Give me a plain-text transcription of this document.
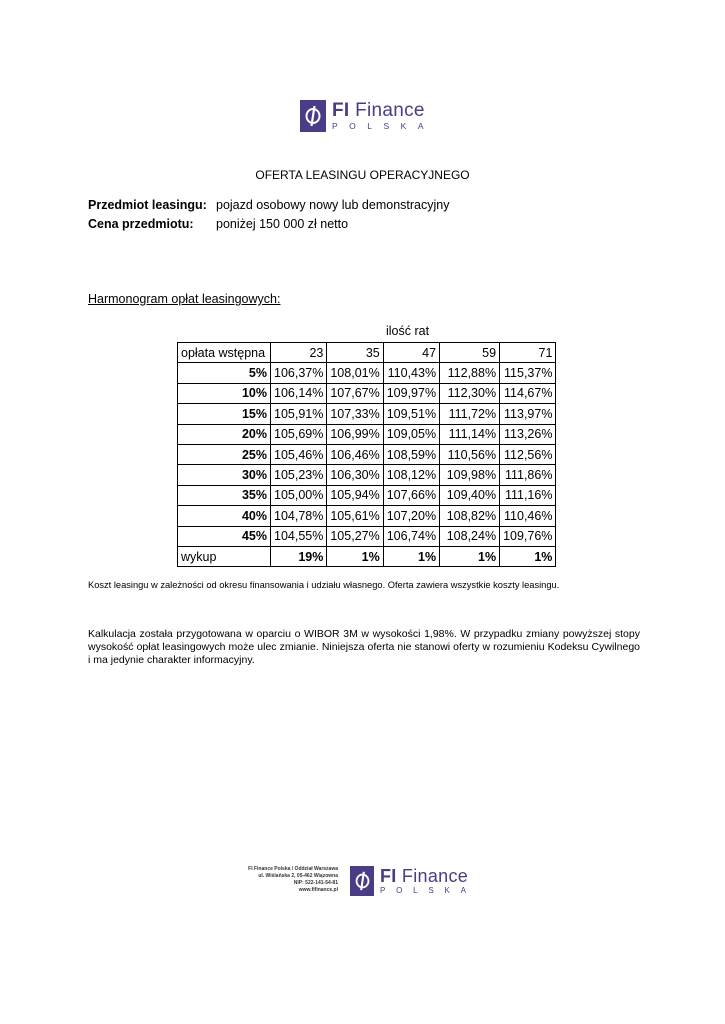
FI Finance
POLSKA
OFERTA LEASINGU OPERACYJNEGO
Przedmiot leasingu: pojazd osobowy nowy lub demonstracyjny
Cena przedmiotu: poniżej 150 000 zł netto
Harmonogram opłat leasingowych:
ilość rat
opłata wstępna	23	35	47	59	71
5%	106,37%	108,01%	110,43%	112,88%	115,37%
10%	106,14%	107,67%	109,97%	112,30%	114,67%
15%	105,91%	107,33%	109,51%	111,72%	113,97%
20%	105,69%	106,99%	109,05%	111,14%	113,26%
25%	105,46%	106,46%	108,59%	110,56%	112,56%
30%	105,23%	106,30%	108,12%	109,98%	111,86%
35%	105,00%	105,94%	107,66%	109,40%	111,16%
40%	104,78%	105,61%	107,20%	108,82%	110,46%
45%	104,55%	105,27%	106,74%	108,24%	109,76%
wykup	19%	1%	1%	1%	1%
Koszt leasingu w zależności od okresu finansowania i udziału własnego. Oferta zawiera wszystkie koszty leasingu.
Kalkulacja została przygotowana w oparciu o WIBOR 3M w wysokości 1,98%. W przypadku zmiany powyższej stopy wysokość opłat leasingowych może ulec zmianie. Niniejsza oferta nie stanowi oferty w rozumieniu Kodeksu Cywilnego i ma jedynie charakter informacyjny.
FI Finance Polska / Oddział Warszawa
ul. Wiślańska 2, 05-462 Wiązowna
NIP: 522-141-54-81
www.fifinance.pl
FI Finance
POLSKA
